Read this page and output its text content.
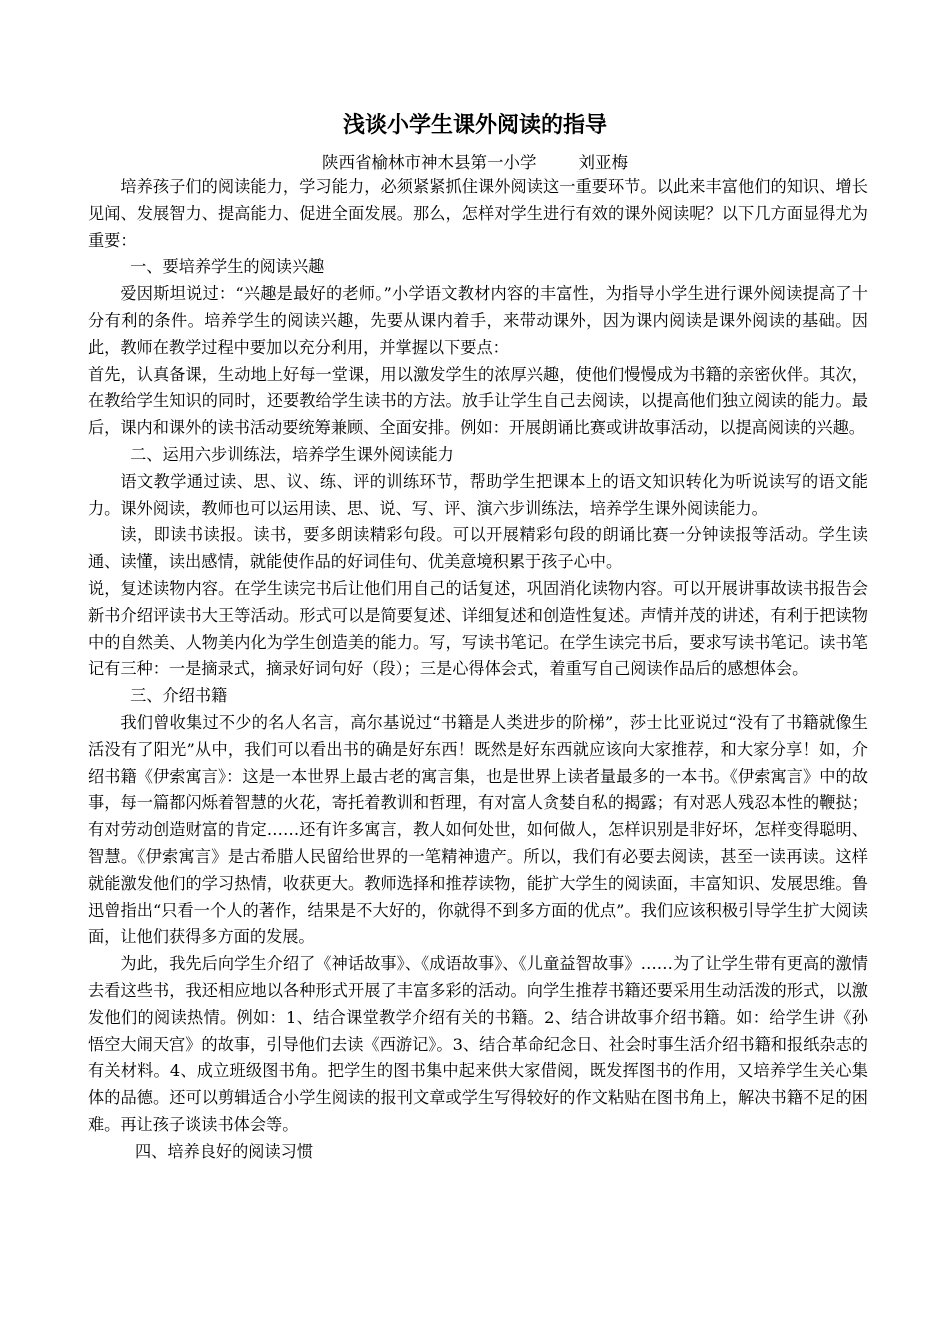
浅谈小学生课外阅读的指导
陕西省榆林市神木县第一小学        刘亚梅

培养孩子们的阅读能力，学习能力，必须紧紧抓住课外阅读这一重要环节。以此来丰富他们的知识、增长见闻、发展智力、提高能力、促进全面发展。那么，怎样对学生进行有效的课外阅读呢？以下几方面显得尤为重要：

一、要培养学生的阅读兴趣

爱因斯坦说过：“兴趣是最好的老师。”小学语文教材内容的丰富性，为指导小学生进行课外阅读提高了十分有利的条件。培养学生的阅读兴趣，先要从课内着手，来带动课外，因为课内阅读是课外阅读的基础。因此，教师在教学过程中要加以充分利用，并掌握以下要点：

首先，认真备课，生动地上好每一堂课，用以激发学生的浓厚兴趣，使他们慢慢成为书籍的亲密伙伴。其次，在教给学生知识的同时，还要教给学生读书的方法。放手让学生自己去阅读，以提高他们独立阅读的能力。最后，课内和课外的读书活动要统筹兼顾、全面安排。例如：开展朗诵比赛或讲故事活动，以提高阅读的兴趣。

二、运用六步训练法，培养学生课外阅读能力

语文教学通过读、思、议、练、评的训练环节，帮助学生把课本上的语文知识转化为听说读写的语文能力。课外阅读，教师也可以运用读、思、说、写、评、演六步训练法，培养学生课外阅读能力。

读，即读书读报。读书，要多朗读精彩句段。可以开展精彩句段的朗诵比赛一分钟读报等活动。学生读通、读懂，读出感情，就能使作品的好词佳句、优美意境积累于孩子心中。

说，复述读物内容。在学生读完书后让他们用自己的话复述，巩固消化读物内容。可以开展讲事故读书报告会新书介绍评读书大王等活动。形式可以是简要复述、详细复述和创造性复述。声情并茂的讲述，有利于把读物中的自然美、人物美内化为学生创造美的能力。写，写读书笔记。在学生读完书后，要求写读书笔记。读书笔记有三种：一是摘录式，摘录好词句好（段）；三是心得体会式，着重写自己阅读作品后的感想体会。

三、介绍书籍

我们曾收集过不少的名人名言，高尔基说过“书籍是人类进步的阶梯”，莎士比亚说过“没有了书籍就像生活没有了阳光”从中，我们可以看出书的确是好东西！既然是好东西就应该向大家推荐，和大家分享！如，介绍书籍《伊索寓言》：这是一本世界上最古老的寓言集，也是世界上读者量最多的一本书。《伊索寓言》中的故事，每一篇都闪烁着智慧的火花，寄托着教训和哲理，有对富人贪婪自私的揭露；有对恶人残忍本性的鞭挞；有对劳动创造财富的肯定……还有许多寓言，教人如何处世，如何做人，怎样识别是非好坏，怎样变得聪明、智慧。《伊索寓言》是古希腊人民留给世界的一笔精神遗产。所以，我们有必要去阅读，甚至一读再读。这样就能激发他们的学习热情，收获更大。教师选择和推荐读物，能扩大学生的阅读面，丰富知识、发展思维。鲁迅曾指出“只看一个人的著作，结果是不大好的，你就得不到多方面的优点”。我们应该积极引导学生扩大阅读面，让他们获得多方面的发展。

为此，我先后向学生介绍了《神话故事》、《成语故事》、《儿童益智故事》……为了让学生带有更高的激情去看这些书，我还相应地以各种形式开展了丰富多彩的活动。向学生推荐书籍还要采用生动活泼的形式，以激发他们的阅读热情。例如：1、结合课堂教学介绍有关的书籍。2、结合讲故事介绍书籍。如：给学生讲《孙悟空大闹天宫》的故事，引导他们去读《西游记》。3、结合革命纪念日、社会时事生活介绍书籍和报纸杂志的有关材料。4、成立班级图书角。把学生的图书集中起来供大家借阅，既发挥图书的作用，又培养学生关心集体的品德。还可以剪辑适合小学生阅读的报刊文章或学生写得较好的作文粘贴在图书角上，解决书籍不足的困难。再让孩子谈读书体会等。

四、培养良好的阅读习惯
